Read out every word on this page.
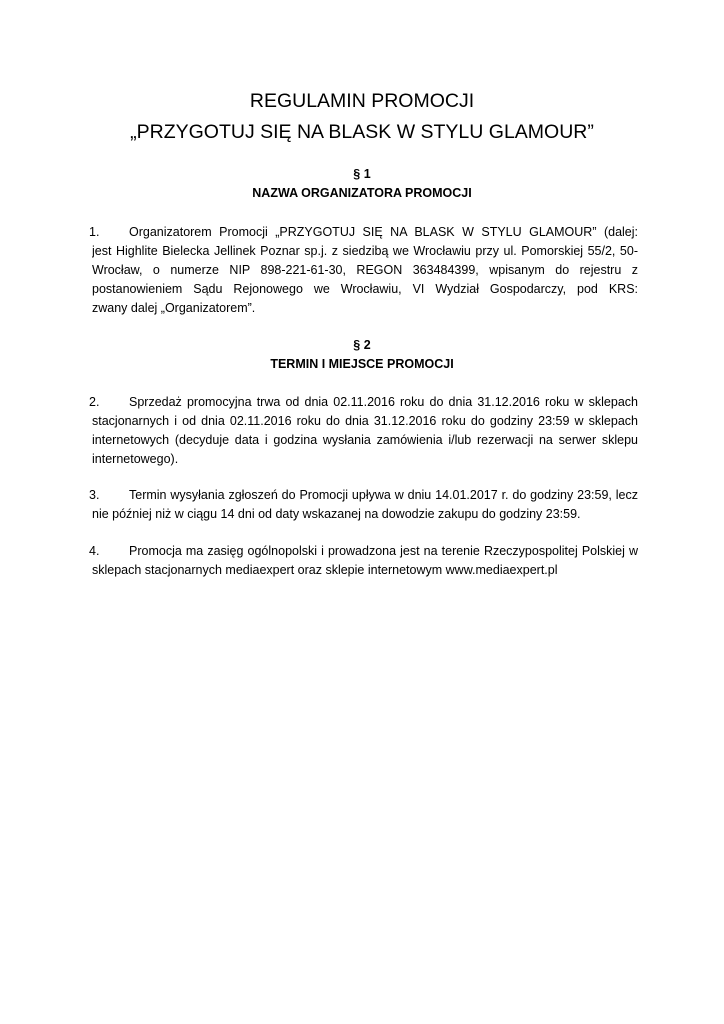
REGULAMIN PROMOCJI
„PRZYGOTUJ SIĘ NA BLASK W STYLU GLAMOUR”
§ 1
NAZWA ORGANIZATORA PROMOCJI
1.	Organizatorem Promocji „PRZYGOTUJ SIĘ NA BLASK W STYLU GLAMOUR” (dalej:
jest Highlite Bielecka Jellinek Poznar sp.j. z siedzibą we Wrocławiu przy ul. Pomorskiej 55/2, 50-
Wrocław, o numerze NIP 898-221-61-30, REGON 363484399, wpisanym do rejestru z
postanowieniem Sądu Rejonowego we Wrocławiu, VI Wydział Gospodarczy, pod KRS:
zwany dalej „Organizatorem”.
§ 2
TERMIN I MIEJSCE PROMOCJI
2.	Sprzedaż promocyjna trwa od dnia 02.11.2016 roku do dnia 31.12.2016 roku w sklepach
stacjonarnych i od dnia 02.11.2016 roku do dnia 31.12.2016 roku do godziny 23:59 w sklepach
internetowych (decyduje data i godzina wysłania zamówienia i/lub rezerwacji na serwer sklepu
internetowego).
3.	Termin wysyłania zgłoszeń do Promocji upływa w dniu 14.01.2017 r. do godziny 23:59, lecz
nie później niż w ciągu 14 dni od daty wskazanej na dowodzie zakupu do godziny 23:59.
4.	Promocja ma zasięg ogólnopolski i prowadzona jest na terenie Rzeczypospolitej Polskiej w
sklepach stacjonarnych mediaexpert oraz sklepie internetowym www.mediaexpert.pl
